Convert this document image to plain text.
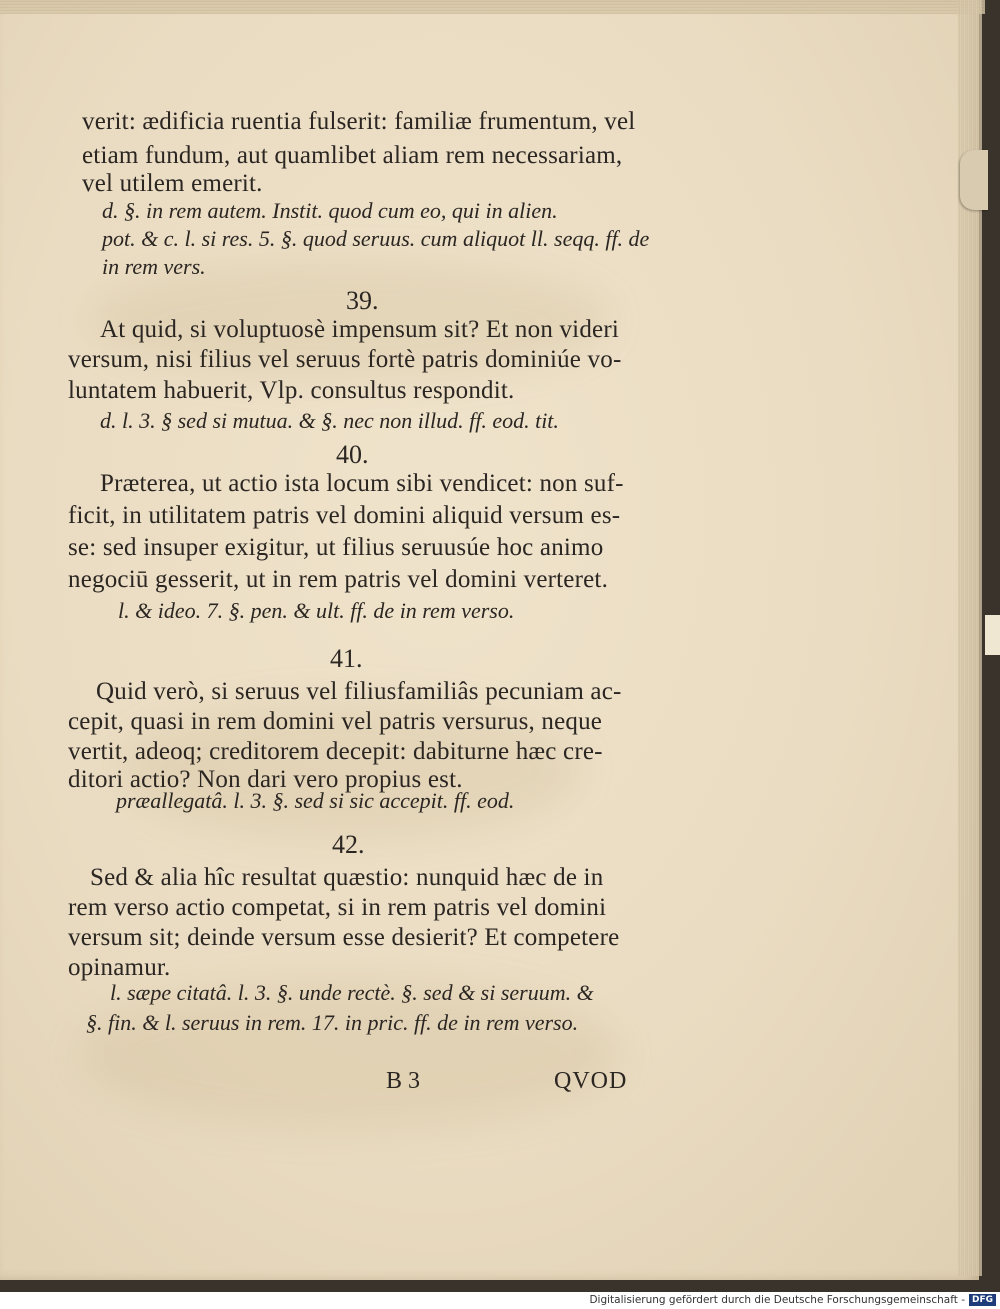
verit: ædificia ruentia fulserit: familiæ frumentum, vel
etiam fundum, aut quamlibet aliam rem necessariam,
vel utilem emerit.
d. §. in rem autem. Instit. quod cum eo, qui in alien.
pot. & c. l. si res. 5. §. quod seruus. cum aliquot ll. seqq. ff. de
in rem vers.
39.
At quid, si voluptuosè impensum sit? Et non videri
versum, nisi filius vel seruus fortè patris dominiúe vo-
luntatem habuerit, Vlp. consultus respondit.
d. l. 3. § sed si mutua. & §. nec non illud. ff. eod. tit.
40.
Præterea, ut actio ista locum sibi vendicet: non suf-
ficit, in utilitatem patris vel domini aliquid versum es-
se: sed insuper exigitur, ut filius seruusúe hoc animo
negociū gesserit, ut in rem patris vel domini verteret.
l. & ideo. 7. §. pen. & ult. ff. de in rem verso.
41.
Quid verò, si seruus vel filiusfamiliâs pecuniam ac-
cepit, quasi in rem domini vel patris versurus, neque
vertit, adeoq; creditorem decepit: dabiturne hæc cre-
ditori actio? Non dari vero propius est.
præallegatâ. l. 3. §. sed si sic accepit. ff. eod.
42.
Sed & alia hîc resultat quæstio: nunquid hæc de in
rem verso actio competat, si in rem patris vel domini
versum sit; deinde versum esse desierit? Et competere
opinamur.
l. sæpe citatâ. l. 3. §. unde rectè. §. sed & si seruum. &
§. fin. & l. seruus in rem. 17. in pric. ff. de in rem verso.
B 3	QVOD
Digitalisierung gefördert durch die Deutsche Forschungsgemeinschaft - DFG
